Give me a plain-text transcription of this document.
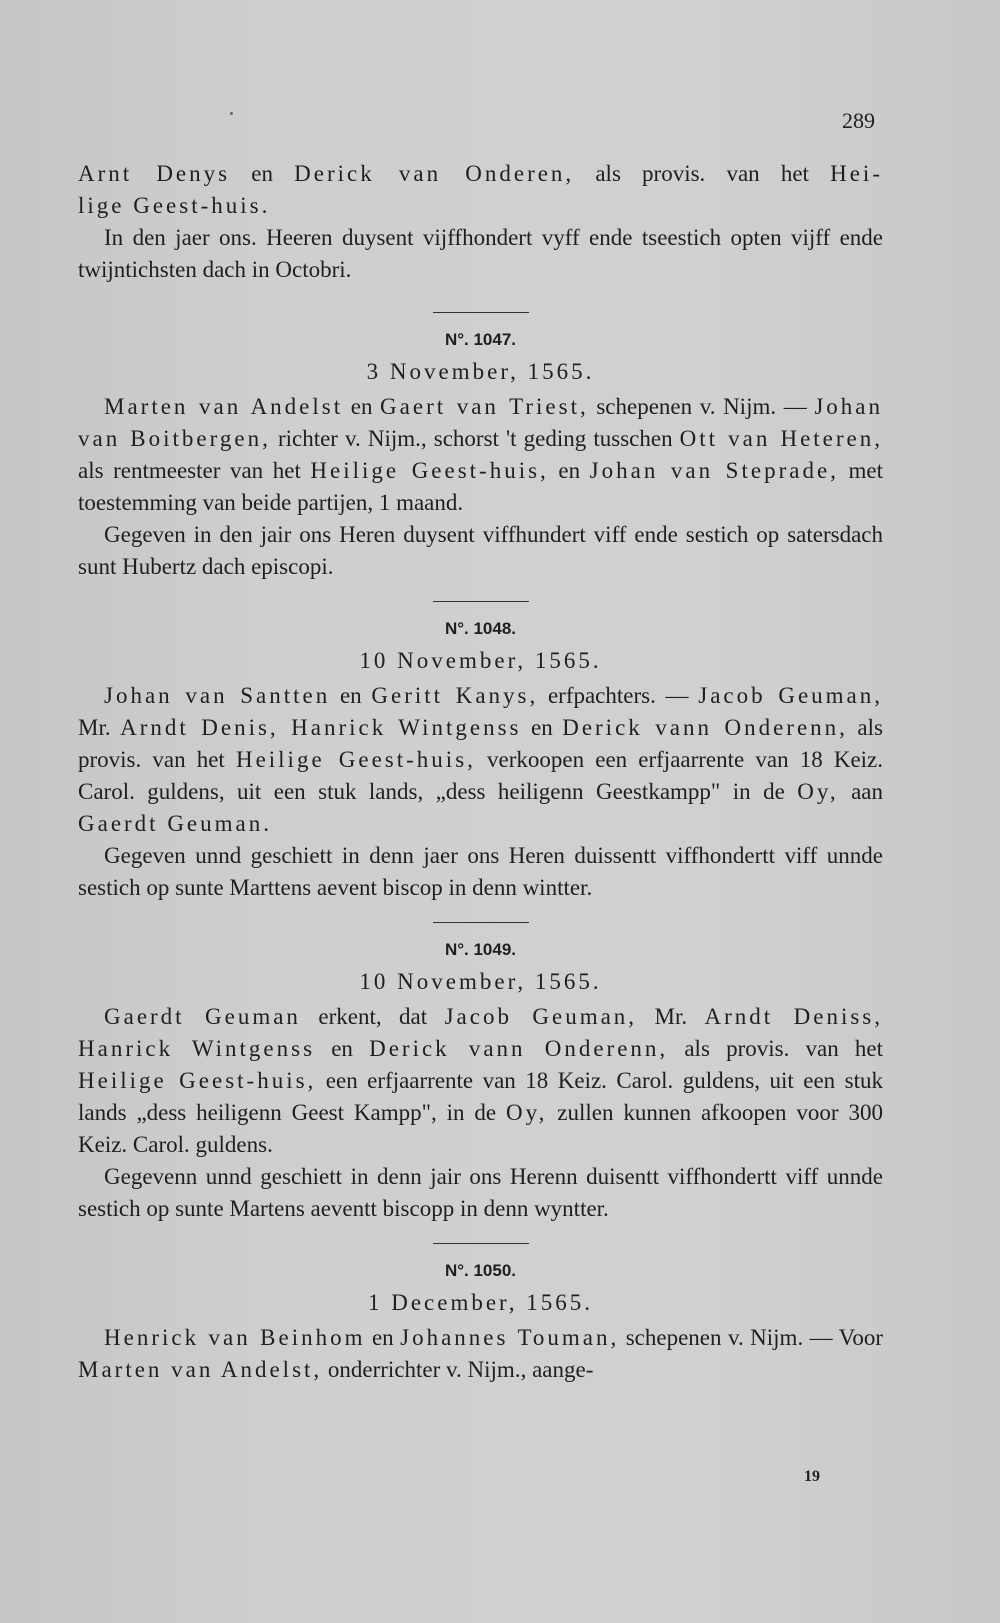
289

Arnt Denys en Derick van Onderen, als provis. van het Hei-

lige Geest-huis.

In den jaer ons. Heeren duysent vijffhondert vyff ende tseestich opten vijff ende twijntichsten dach in Octobri.

N°. 1047.
3 November, 1565.

Marten van Andelst en Gaert van Triest, schepenen v. Nijm. — Johan van Boitbergen, richter v. Nijm., schorst 't geding tusschen Ott van Heteren, als rentmeester van het Heilige Geest-huis, en Johan van Steprade, met toestemming van beide partijen, 1 maand.

Gegeven in den jair ons Heren duysent viffhundert viff ende sestich op satersdach sunt Hubertz dach episcopi.

N°. 1048.
10 November, 1565.

Johan van Santten en Geritt Kanys, erfpachters. — Jacob Geuman, Mr. Arndt Denis, Hanrick Wintgenss en Derick vann Onderenn, als provis. van het Heilige Geest-huis, verkoopen een erfjaarrente van 18 Keiz. Carol. guldens, uit een stuk lands, „dess heiligenn Geestkampp" in de Oy, aan Gaerdt Geuman.

Gegeven unnd geschiett in denn jaer ons Heren duissentt viffhondertt viff unnde sestich op sunte Marttens aevent biscop in denn wintter.

N°. 1049.
10 November, 1565.

Gaerdt Geuman erkent, dat Jacob Geuman, Mr. Arndt Deniss, Hanrick Wintgenss en Derick vann Onderenn, als provis. van het Heilige Geest-huis, een erfjaarrente van 18 Keiz. Carol. guldens, uit een stuk lands „dess heiligenn Geest Kampp", in de Oy, zullen kunnen afkoopen voor 300 Keiz. Carol. guldens.

Gegevenn unnd geschiett in denn jair ons Herenn duisentt viffhondertt viff unnde sestich op sunte Martens aeventt biscopp in denn wyntter.

N°. 1050.
1 December, 1565.

Henrick van Beinhom en Johannes Touman, schepenen v. Nijm. — Voor Marten van Andelst, onderrichter v. Nijm., aange-

19
